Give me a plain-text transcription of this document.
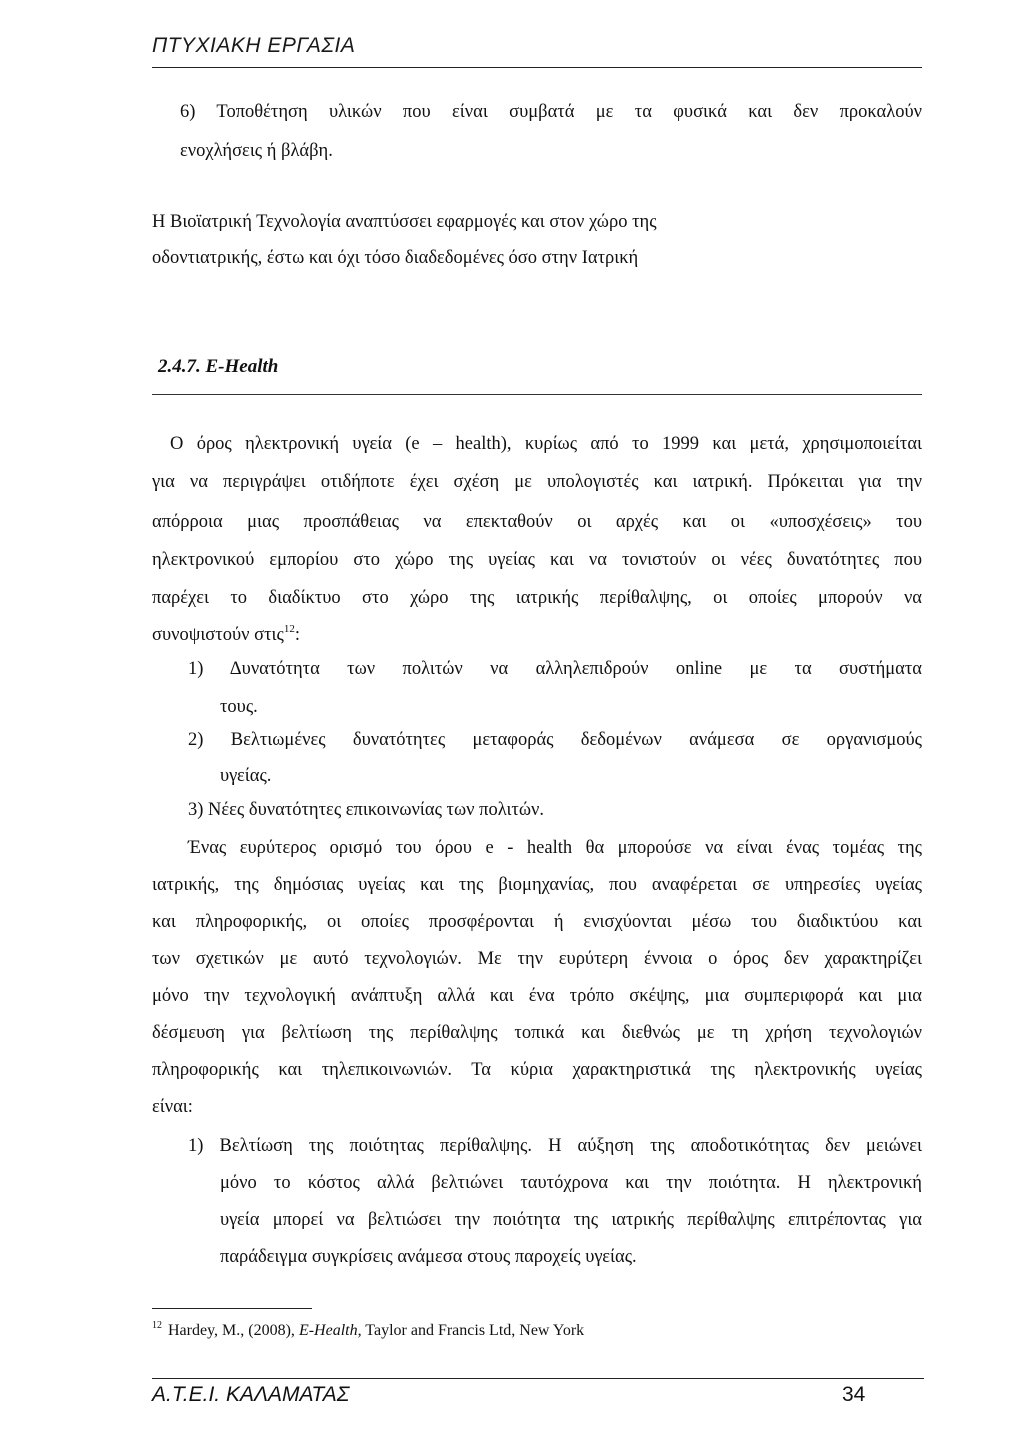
ΠΤΥΧΙΑΚΗ ΕΡΓΑΣΙΑ
6) Τοποθέτηση υλικών που είναι συμβατά με τα φυσικά και δεν προκαλούν
ενοχλήσεις ή βλάβη.
Η Βιοϊατρική Τεχνολογία αναπτύσσει εφαρμογές και στον χώρο της
οδοντιατρικής, έστω και όχι τόσο διαδεδομένες όσο στην Ιατρική
2.4.7. E-Health
Ο όρος ηλεκτρονική υγεία (e – health), κυρίως από το 1999 και μετά, χρησιμοποιείται
για να περιγράψει οτιδήποτε έχει σχέση με υπολογιστές και ιατρική. Πρόκειται για την
απόρροια μιας προσπάθειας να επεκταθούν οι αρχές και οι «υποσχέσεις» του
ηλεκτρονικού εμπορίου στο χώρο της υγείας και να τονιστούν οι νέες δυνατότητες που
παρέχει το διαδίκτυο στο χώρο της ιατρικής περίθαλψης, οι οποίες μπορούν να
συνοψιστούν στις$^{12}$:
1) Δυνατότητα των πολιτών να αλληλεπιδρούν online με τα συστήματα
τους.
2) Βελτιωμένες δυνατότητες μεταφοράς δεδομένων ανάμεσα σε οργανισμούς
υγείας.
3) Νέες δυνατότητες επικοινωνίας των πολιτών.
Ένας ευρύτερος ορισμό του όρου e - health θα μπορούσε να είναι ένας τομέας της
ιατρικής, της δημόσιας υγείας και της βιομηχανίας, που αναφέρεται σε υπηρεσίες υγείας
και πληροφορικής, οι οποίες προσφέρονται ή ενισχύονται μέσω του διαδικτύου και
των σχετικών με αυτό τεχνολογιών. Με την ευρύτερη έννοια ο όρος δεν χαρακτηρίζει
μόνο την τεχνολογική ανάπτυξη αλλά και ένα τρόπο σκέψης, μια συμπεριφορά και μια
δέσμευση για βελτίωση της περίθαλψης τοπικά και διεθνώς με τη χρήση τεχνολογιών
πληροφορικής και τηλεπικοινωνιών. Τα κύρια χαρακτηριστικά της ηλεκτρονικής υγείας
είναι:
1) Βελτίωση της ποιότητας περίθαλψης. Η αύξηση της αποδοτικότητας δεν μειώνει
μόνο το κόστος αλλά βελτιώνει ταυτόχρονα και την ποιότητα. Η ηλεκτρονική
υγεία μπορεί να βελτιώσει την ποιότητα της ιατρικής περίθαλψης επιτρέποντας για
παράδειγμα συγκρίσεις ανάμεσα στους παροχείς υγείας.
$^{12}$ Hardey, M., (2008), E-Health, Taylor and Francis Ltd, New York
Α.Τ.Ε.Ι. ΚΑΛΑΜΑΤΑΣ	34
